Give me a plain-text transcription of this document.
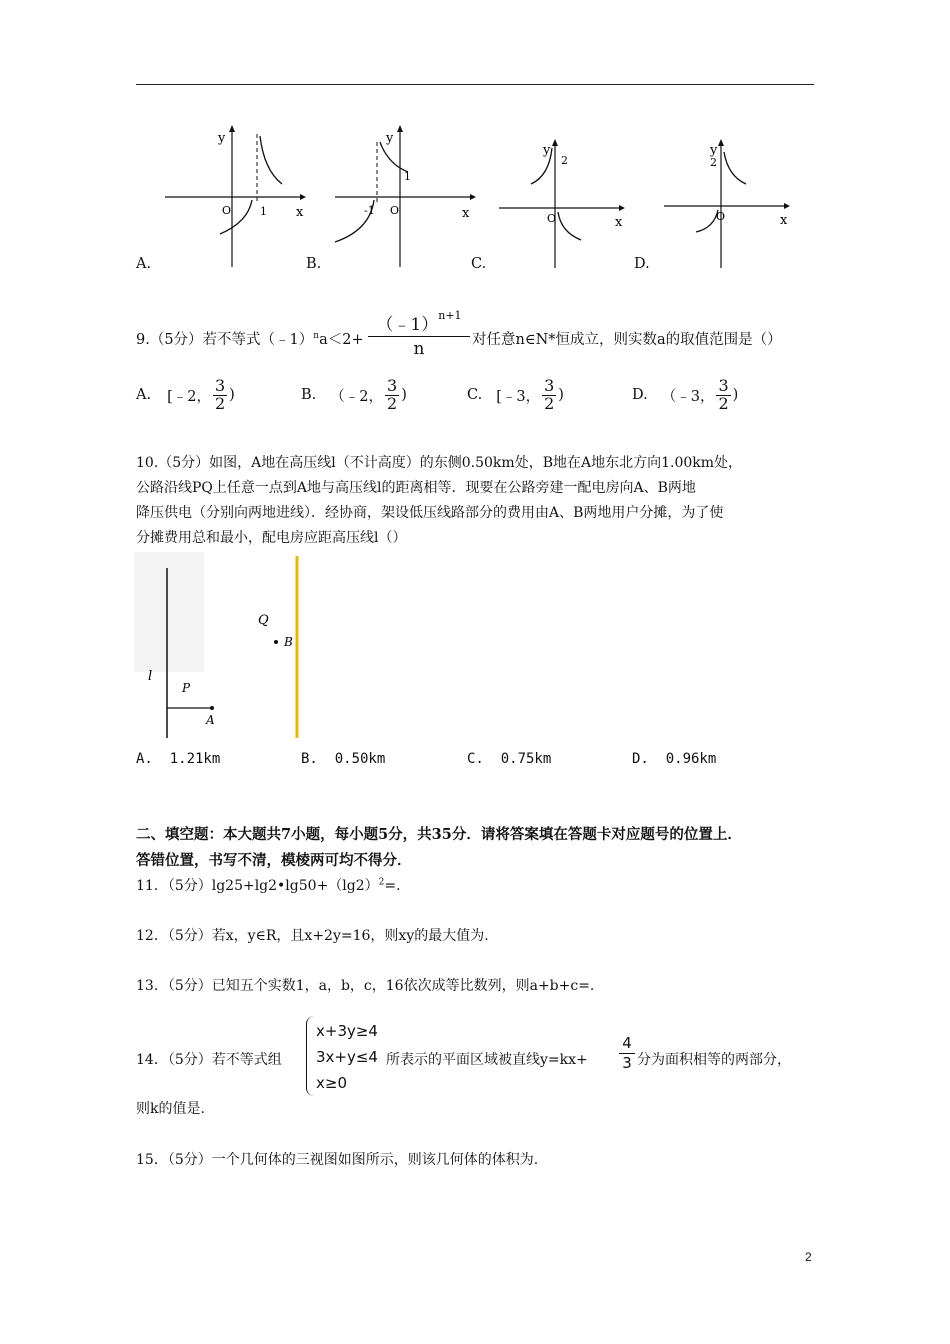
y
x
O	1
A.
y
x
O
-1
1
B.
y
x
O
2
C.
y
x
O
2
D.
9.（5分）若不等式（﹣1）$^n$a＜2+ $\frac{(﹣1)^{n+1}}{n}$ 对任意n∈N*恒成立，则实数a的取值范围是（）
A. [﹣2， $\frac{3}{2}$ )	B. （﹣2， $\frac{3}{2}$ )	C. [﹣3， $\frac{3}{2}$ )	D. （﹣3， $\frac{3}{2}$ )
10.（5分）如图，A地在高压线l（不计高度）的东侧0.50km处，B地在A地东北方向1.00km处，
公路沿线PQ上任意一点到A地与高压线l的距离相等．现要在公路旁建一配电房向A、B两地
降压供电（分别向两地进线）．经协商，架设低压线路部分的费用由A、B两地用户分摊，为了使
分摊费用总和最小，配电房应距高压线l（）
Q
B
l
P
A
A. 1.21km	B. 0.50km	C. 0.75km	D. 0.96km
二、填空题：本大题共7小题，每小题5分，共35分．请将答案填在答题卡对应题号的位置上．
答错位置，书写不清，模棱两可均不得分．
11．（5分）$\lg 25+\lg 2•\lg 50+(\lg 2)^2=$.
12．（5分）若x，y∈R，且x+2y=16，则xy的最大值为.
13．（5分）已知五个实数1，a，b，c，16依次成等比数列，则a+b+c=.
14．（5分）若不等式组
x+3y≥4
3x+y≤4
x≥0
所表示的平面区域被直线$y=kx+ \frac{4}{3}$ 分为面积相等的两部分，
则k的值是.
15．（5分）一个几何体的三视图如图所示，则该几何体的体积为.
2
